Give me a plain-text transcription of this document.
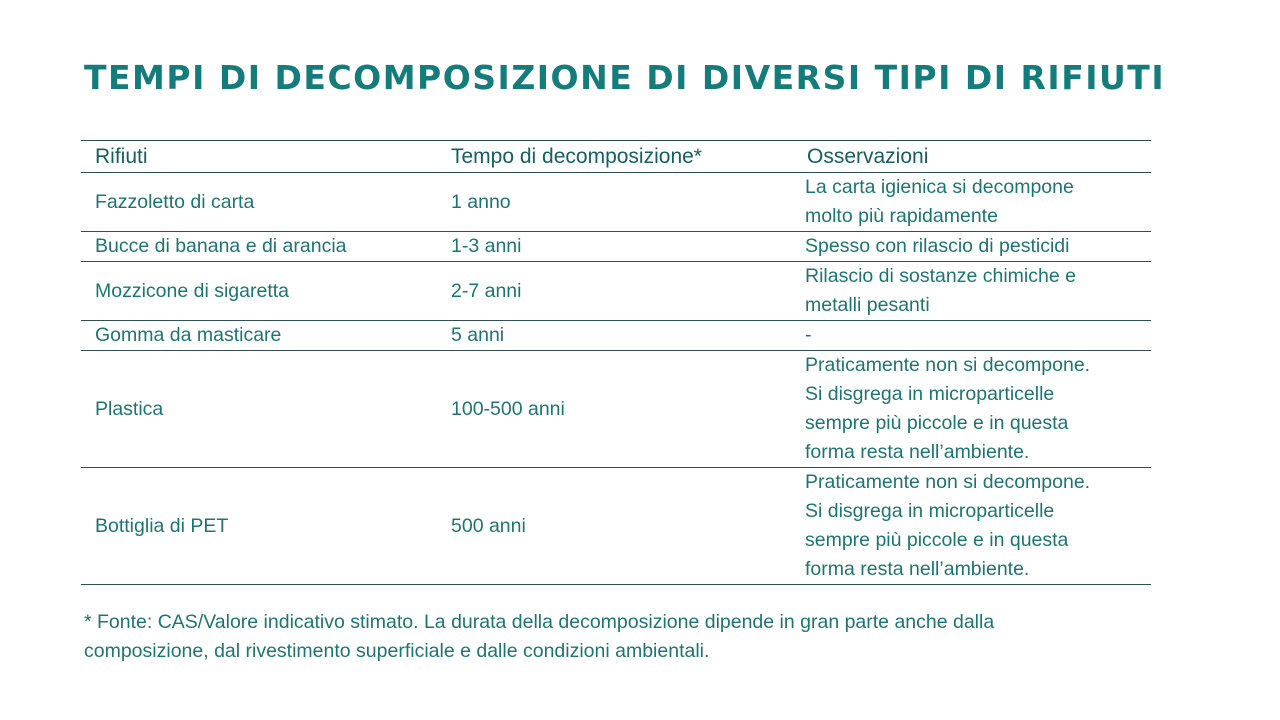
TEMPI DI DECOMPOSIZIONE DI DIVERSI TIPI DI RIFIUTI
Rifiuti	Tempo di decomposizione*	Osservazioni
Fazzoletto di carta	1 anno	La carta igienica si decompone
molto più rapidamente

Bucce di banana e di arancia	1-3 anni	Spesso con rilascio di pesticidi

Mozzicone di sigaretta	2-7 anni	Rilascio di sostanze chimiche e
metalli pesanti

Gomma da masticare	5 anni	-

Plastica	100-500 anni	Praticamente non si decompone.
Si disgrega in microparticelle
sempre più piccole e in questa
forma resta nell’ambiente.

Bottiglia di PET	500 anni	Praticamente non si decompone.
Si disgrega in microparticelle
sempre più piccole e in questa
forma resta nell’ambiente.
* Fonte: CAS/Valore indicativo stimato. La durata della decomposizione dipende in gran parte anche dalla
composizione, dal rivestimento superficiale e dalle condizioni ambientali.
